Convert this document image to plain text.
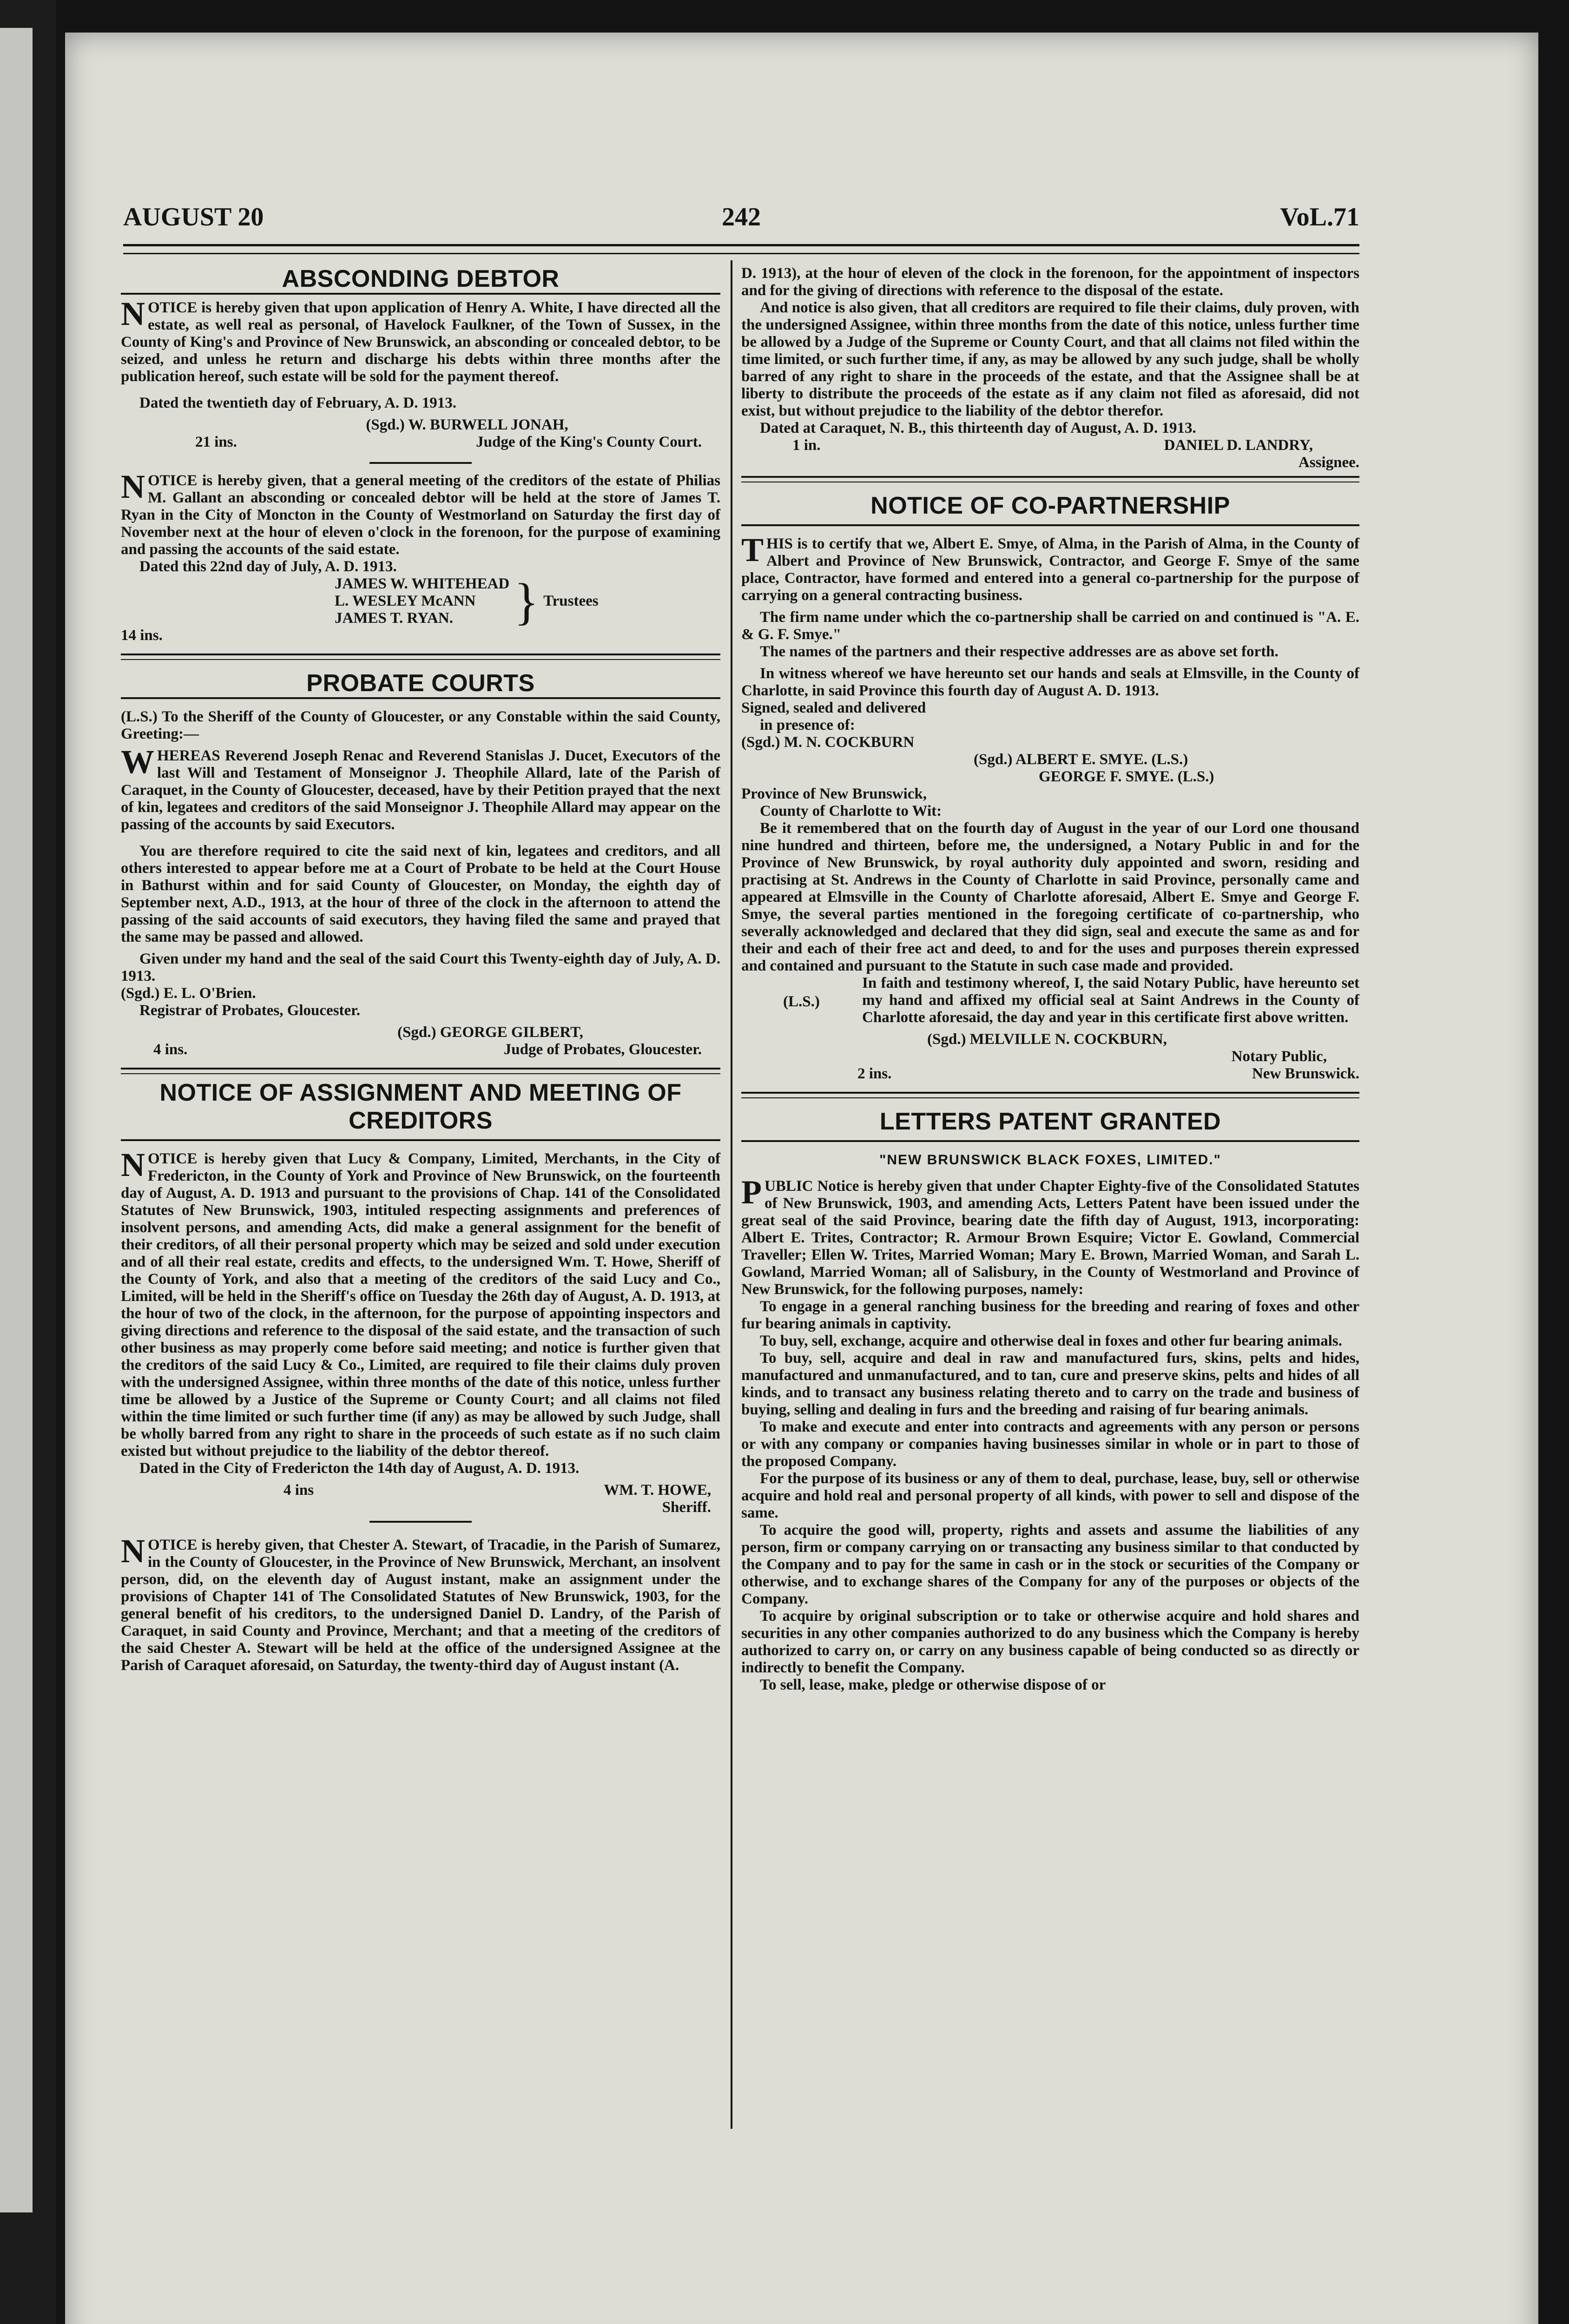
AUGUST 20	242	VoL.71
ABSCONDING DEBTOR

NOTICE is hereby given that upon application of Henry A. White, I have directed all the estate, as well real as personal, of Havelock Faulkner, of the Town of Sussex, in the County of King's and Province of New Brunswick, an absconding or concealed debtor, to be seized, and unless he return and discharge his debts within three months after the publication hereof, such estate will be sold for the payment thereof.

Dated the twentieth day of February, A. D. 1913.

(Sgd.) W. BURWELL JONAH,

21 ins.	Judge of the King's County Court.

NOTICE is hereby given, that a general meeting of the creditors of the estate of Philias M. Gallant an absconding or concealed debtor will be held at the store of James T. Ryan in the City of Moncton in the County of Westmorland on Saturday the first day of November next at the hour of eleven o'clock in the forenoon, for the purpose of examining and passing the accounts of the said estate.

Dated this 22nd day of July, A. D. 1913.

JAMES W. WHITEHEAD
L. WESLEY McANN
JAMES T. RYAN.	} Trustees

14 ins.

PROBATE COURTS

(L.S.) To the Sheriff of the County of Gloucester, or any Constable within the said County, Greeting:—

WHEREAS Reverend Joseph Renac and Reverend Stanislas J. Ducet, Executors of the last Will and Testament of Monseignor J. Theophile Allard, late of the Parish of Caraquet, in the County of Gloucester, deceased, have by their Petition prayed that the next of kin, legatees and creditors of the said Monseignor J. Theophile Allard may appear on the passing of the accounts by said Executors.

You are therefore required to cite the said next of kin, legatees and creditors, and all others interested to appear before me at a Court of Probate to be held at the Court House in Bathurst within and for said County of Gloucester, on Monday, the eighth day of September next, A.D., 1913, at the hour of three of the clock in the afternoon to attend the passing of the said accounts of said executors, they having filed the same and prayed that the same may be passed and allowed.

Given under my hand and the seal of the said Court this Twenty-eighth day of July, A. D. 1913.

(Sgd.) E. L. O'Brien.

Registrar of Probates, Gloucester.

(Sgd.) GEORGE GILBERT,

4 ins.	Judge of Probates, Gloucester.
NOTICE OF ASSIGNMENT AND MEETING OF CREDITORS

NOTICE is hereby given that Lucy & Company, Limited, Merchants, in the City of Fredericton, in the County of York and Province of New Brunswick, on the fourteenth day of August, A. D. 1913 and pursuant to the provisions of Chap. 141 of the Consolidated Statutes of New Brunswick, 1903, intituled respecting assignments and preferences of insolvent persons, and amending Acts, did make a general assignment for the benefit of their creditors, of all their personal property which may be seized and sold under execution and of all their real estate, credits and effects, to the undersigned Wm. T. Howe, Sheriff of the County of York, and also that a meeting of the creditors of the said Lucy and Co., Limited, will be held in the Sheriff's office on Tuesday the 26th day of August, A. D. 1913, at the hour of two of the clock, in the afternoon, for the purpose of appointing inspectors and giving directions and reference to the disposal of the said estate, and the transaction of such other business as may properly come before said meeting; and notice is further given that the creditors of the said Lucy & Co., Limited, are required to file their claims duly proven with the undersigned Assignee, within three months of the date of this notice, unless further time be allowed by a Justice of the Supreme or County Court; and all claims not filed within the time limited or such further time (if any) as may be allowed by such Judge, shall be wholly barred from any right to share in the proceeds of such estate as if no such claim existed but without prejudice to the liability of the debtor thereof.

Dated in the City of Fredericton the 14th day of August, A. D. 1913.

4 ins	WM. T. HOWE,

Sheriff.

NOTICE is hereby given, that Chester A. Stewart, of Tracadie, in the Parish of Sumarez, in the County of Gloucester, in the Province of New Brunswick, Merchant, an insolvent person, did, on the eleventh day of August instant, make an assignment under the provisions of Chapter 141 of The Consolidated Statutes of New Brunswick, 1903, for the general benefit of his creditors, to the undersigned Daniel D. Landry, of the Parish of Caraquet, in said County and Province, Merchant; and that a meeting of the creditors of the said Chester A. Stewart will be held at the office of the undersigned Assignee at the Parish of Caraquet aforesaid, on Saturday, the twenty-third day of August instant (A.

D. 1913), at the hour of eleven of the clock in the forenoon, for the appointment of inspectors and for the giving of directions with reference to the disposal of the estate.

And notice is also given, that all creditors are required to file their claims, duly proven, with the undersigned Assignee, within three months from the date of this notice, unless further time be allowed by a Judge of the Supreme or County Court, and that all claims not filed within the time limited, or such further time, if any, as may be allowed by any such judge, shall be wholly barred of any right to share in the proceeds of the estate, and that the Assignee shall be at liberty to distribute the proceeds of the estate as if any claim not filed as aforesaid, did not exist, but without prejudice to the liability of the debtor therefor.

Dated at Caraquet, N. B., this thirteenth day of August, A. D. 1913.

1 in.	DANIEL D. LANDRY,

Assignee.

NOTICE OF CO-PARTNERSHIP

THIS is to certify that we, Albert E. Smye, of Alma, in the Parish of Alma, in the County of Albert and Province of New Brunswick, Contractor, and George F. Smye of the same place, Contractor, have formed and entered into a general co-partnership for the purpose of carrying on a general contracting business.

The firm name under which the co-partnership shall be carried on and continued is "A. E. & G. F. Smye."

The names of the partners and their respective addresses are as above set forth.

In witness whereof we have hereunto set our hands and seals at Elmsville, in the County of Charlotte, in said Province this fourth day of August A. D. 1913.

Signed, sealed and delivered

in presence of:

(Sgd.) M. N. COCKBURN

(Sgd.) ALBERT E. SMYE. (L.S.)

GEORGE F. SMYE. (L.S.)

Province of New Brunswick,

County of Charlotte to Wit:

Be it remembered that on the fourth day of August in the year of our Lord one thousand nine hundred and thirteen, before me, the undersigned, a Notary Public in and for the Province of New Brunswick, by royal authority duly appointed and sworn, residing and practising at St. Andrews in the County of Charlotte in said Province, personally came and appeared at Elmsville in the County of Charlotte aforesaid, Albert E. Smye and George F. Smye, the several parties mentioned in the foregoing certificate of co-partnership, who severally acknowledged and declared that they did sign, seal and execute the same as and for their and each of their free act and deed, to and for the uses and purposes therein expressed and contained and pursuant to the Statute in such case made and provided.

(L.S.)

In faith and testimony whereof, I, the said Notary Public, have hereunto set my hand and affixed my official seal at Saint Andrews in the County of Charlotte aforesaid, the day and year in this certificate first above written.

(Sgd.) MELVILLE N. COCKBURN,

Notary Public,

2 ins.	New Brunswick.
LETTERS PATENT GRANTED
"NEW BRUNSWICK BLACK FOXES, LIMITED."

PUBLIC Notice is hereby given that under Chapter Eighty-five of the Consolidated Statutes of New Brunswick, 1903, and amending Acts, Letters Patent have been issued under the great seal of the said Province, bearing date the fifth day of August, 1913, incorporating: Albert E. Trites, Contractor; R. Armour Brown Esquire; Victor E. Gowland, Commercial Traveller; Ellen W. Trites, Married Woman; Mary E. Brown, Married Woman, and Sarah L. Gowland, Married Woman; all of Salisbury, in the County of Westmorland and Province of New Brunswick, for the following purposes, namely:

To engage in a general ranching business for the breeding and rearing of foxes and other fur bearing animals in captivity.

To buy, sell, exchange, acquire and otherwise deal in foxes and other fur bearing animals.

To buy, sell, acquire and deal in raw and manufactured furs, skins, pelts and hides, manufactured and unmanufactured, and to tan, cure and preserve skins, pelts and hides of all kinds, and to transact any business relating thereto and to carry on the trade and business of buying, selling and dealing in furs and the breeding and raising of fur bearing animals.

To make and execute and enter into contracts and agreements with any person or persons or with any company or companies having businesses similar in whole or in part to those of the proposed Company.

For the purpose of its business or any of them to deal, purchase, lease, buy, sell or otherwise acquire and hold real and personal property of all kinds, with power to sell and dispose of the same.

To acquire the good will, property, rights and assets and assume the liabilities of any person, firm or company carrying on or transacting any business similar to that conducted by the Company and to pay for the same in cash or in the stock or securities of the Company or otherwise, and to exchange shares of the Company for any of the purposes or objects of the Company.

To acquire by original subscription or to take or otherwise acquire and hold shares and securities in any other companies authorized to do any business which the Company is hereby authorized to carry on, or carry on any business capable of being conducted so as directly or indirectly to benefit the Company.

To sell, lease, make, pledge or otherwise dispose of or
